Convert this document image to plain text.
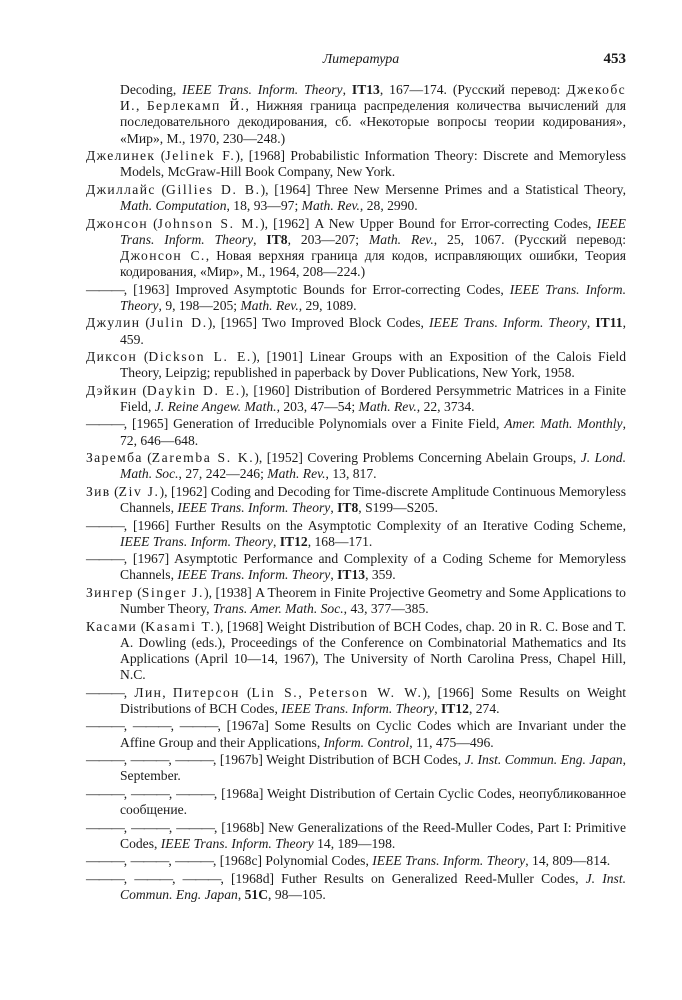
Литература	453

Decoding, IEEE Trans. Inform. Theory, IT13, 167—174. (Русский перевод: Джекобс И., Берлекамп Й., Нижняя граница распределения количества вычислений для последовательного декодирования, сб. «Некоторые вопросы теории кодирования», «Мир», М., 1970, 230—248.)

Джелинек (Jelinek F.), [1968] Probabilistic Information Theory: Discrete and Memoryless Models, McGraw-Hill Book Company, New York.

Джиллайс (Gillies D. B.), [1964] Three New Mersenne Primes and a Statistical Theory, Math. Computation, 18, 93—97; Math. Rev., 28, 2990.

Джонсон (Johnson S. M.), [1962] A New Upper Bound for Error-correcting Codes, IEEE Trans. Inform. Theory, IT8, 203—207; Math. Rev., 25, 1067. (Русский перевод: Джонсон С., Новая верхняя граница для кодов, исправляющих ошибки, Теория кодирования, «Мир», М., 1964, 208—224.)

———, [1963] Improved Asymptotic Bounds for Error-correcting Codes, IEEE Trans. Inform. Theory, 9, 198—205; Math. Rev., 29, 1089.

Джулин (Julin D.), [1965] Two Improved Block Codes, IEEE Trans. Inform. Theory, IT11, 459.

Диксон (Dickson L. E.), [1901] Linear Groups with an Exposition of the Calois Field Theory, Leipzig; republished in paperback by Dover Publications, New York, 1958.

Дэйкин (Daykin D. E.), [1960] Distribution of Bordered Persymmetric Matrices in a Finite Field, J. Reine Angew. Math., 203, 47—54; Math. Rev., 22, 3734.

———, [1965] Generation of Irreducible Polynomials over a Finite Field, Amer. Math. Monthly, 72, 646—648.

Заремба (Zaremba S. K.), [1952] Covering Problems Concerning Abelain Groups, J. Lond. Math. Soc., 27, 242—246; Math. Rev., 13, 817.

Зив (Ziv J.), [1962] Coding and Decoding for Time-discrete Amplitude Continuous Memoryless Channels, IEEE Trans. Inform. Theory, IT8, S199—S205.

———, [1966] Further Results on the Asymptotic Complexity of an Iterative Coding Scheme, IEEE Trans. Inform. Theory, IT12, 168—171.

———, [1967] Asymptotic Performance and Complexity of a Coding Scheme for Memoryless Channels, IEEE Trans. Inform. Theory, IT13, 359.

Зингер (Singer J.), [1938] A Theorem in Finite Projective Geometry and Some Applications to Number Theory, Trans. Amer. Math. Soc., 43, 377—385.

Касами (Kasami T.), [1968] Weight Distribution of BCH Codes, chap. 20 in R. C. Bose and T. A. Dowling (eds.), Proceedings of the Conference on Combinatorial Mathematics and Its Applications (April 10—14, 1967), The University of North Carolina Press, Chapel Hill, N.C.

———, Лин, Питерсон (Lin S., Peterson W. W.), [1966] Some Results on Weight Distributions of BCH Codes, IEEE Trans. Inform. Theory, IT12, 274.

———, ———, ———, [1967a] Some Results on Cyclic Codes which are Invariant under the Affine Group and their Applications, Inform. Control, 11, 475—496.

———, ———, ———, [1967b] Weight Distribution of BCH Codes, J. Inst. Commun. Eng. Japan, September.

———, ———, ———, [1968a] Weight Distribution of Certain Cyclic Codes, неопубликованное сообщение.

———, ———, ———, [1968b] New Generalizations of the Reed-Muller Codes, Part I: Primitive Codes, IEEE Trans. Inform. Theory 14, 189—198.

———, ———, ———, [1968c] Polynomial Codes, IEEE Trans. Inform. Theory, 14, 809—814.

———, ———, ———, [1968d] Futher Results on Generalized Reed-Muller Codes, J. Inst. Commun. Eng. Japan, 51C, 98—105.
